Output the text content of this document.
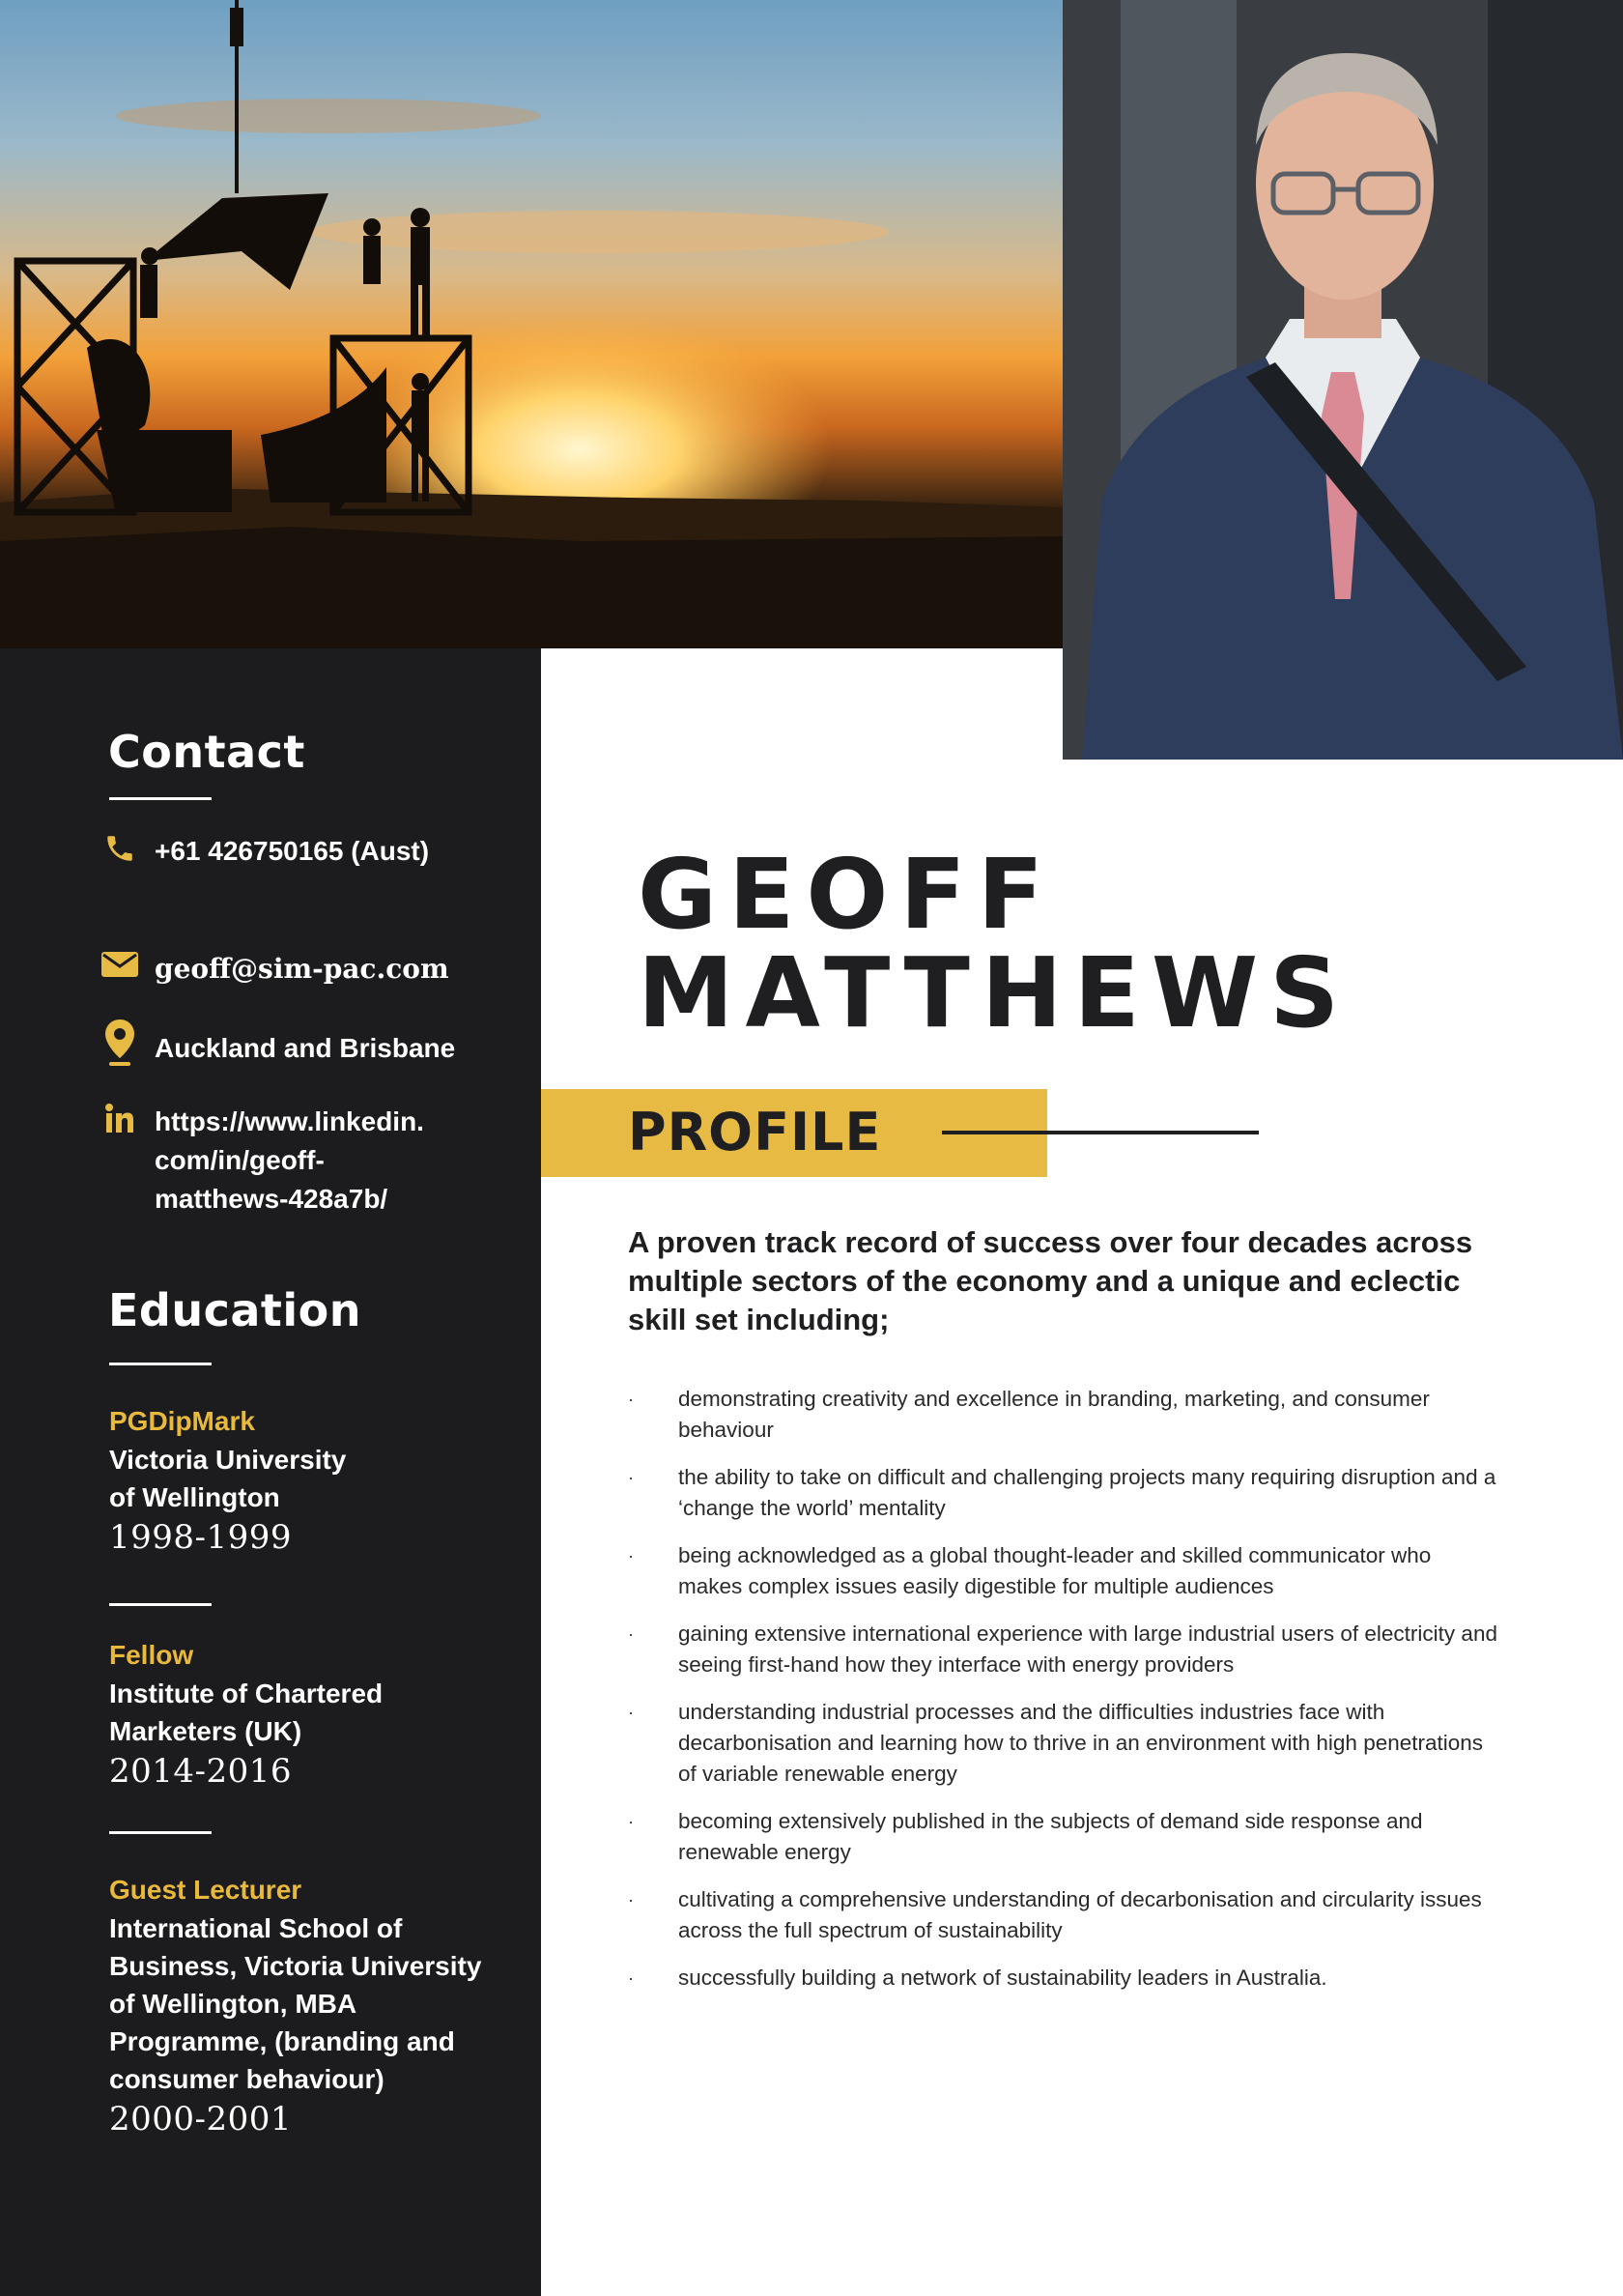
Contact
+61 426750165 (Aust)
geoff@sim-pac.com
Auckland and Brisbane
https://www.linkedin.
com/in/geoff-
matthews-428a7b/
Education
PGDipMark
Victoria University
of Wellington
1998-1999
Fellow
Institute of Chartered
Marketers (UK)
2014-2016
Guest Lecturer
International School of
Business, Victoria University
of Wellington, MBA
Programme, (branding and
consumer behaviour)
2000-2001
GEOFF
MATTHEWS
PROFILE
A proven track record of success over four decades across multiple sectors of the economy and a unique and eclectic skill set including;
· demonstrating creativity and excellence in branding, marketing, and consumer behaviour
· the ability to take on difficult and challenging projects many requiring disruption and a ‘change the world’ mentality
· being acknowledged as a global thought-leader and skilled communicator who makes complex issues easily digestible for multiple audiences
· gaining extensive international experience with large industrial users of electricity and seeing first-hand how they interface with energy providers
· understanding industrial processes and the difficulties industries face with decarbonisation and learning how to thrive in an environment with high penetrations of variable renewable energy
· becoming extensively published in the subjects of demand side response and renewable energy
· cultivating a comprehensive understanding of decarbonisation and circularity issues across the full spectrum of sustainability
· successfully building a network of sustainability leaders in Australia.
